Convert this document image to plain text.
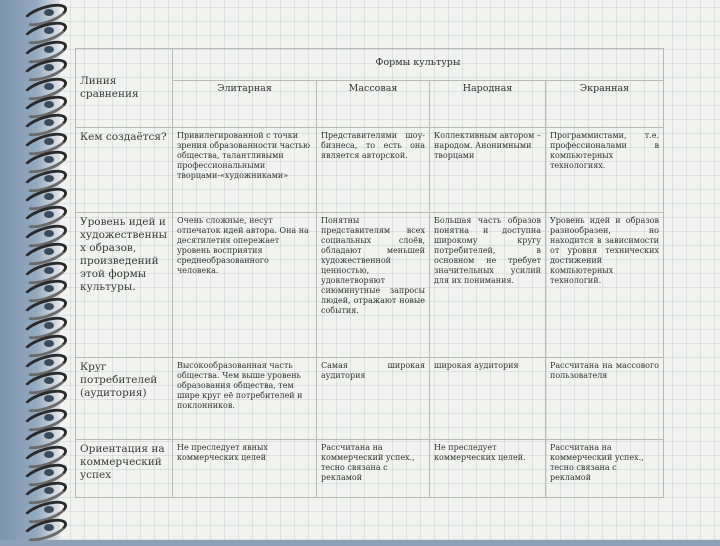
Линия сравнения	Формы культуры			
	Элитарная	Массовая	Народная	Экранная
Кем создаётся?	Привилегированной с точки зрения образованности частью общества, талантливыми профессиональными творцами-«художниками»	Представителями шоу-бизнеса, то есть она является авторской.	Коллективным автором – народом. Анонимными творцами	Программистами, т.е. профессионалами в компьютерных технологиях.
Уровень идей и художественны х образов, произведений этой формы культуры.	Очень сложные, несут отпечаток идей автора. Она на десятилетия опережает уровень восприятия среднеобразованного человека.	Понятны представителям всех социальных слоёв, обладают меньшей художественной ценностью, удовлетворяют сиюминутные запросы людей, отражают новые события.	Большая часть образов понятна и доступна широкому кругу потребителей, в основном не требует значительных усилий для их понимания.	Уровень идей и образов разнообразен, но находится в зависимости от уровня технических достижений компьютерных технологий.
Круг потребителей (аудитория)	Высокообразованная часть общества. Чем выше уровень образования общества, тем шире круг её потребителей и поклонников.	Самая широкая аудитория	широкая аудитория	Рассчитана на массового пользователя
Ориентация на коммерческий успех	Не преследует явных коммерческих целей	Рассчитана на коммерческий успех., тесно связана с рекламой	Не преследует коммерческих целей.	Рассчитана на коммерческий успех., тесно связана с рекламой
